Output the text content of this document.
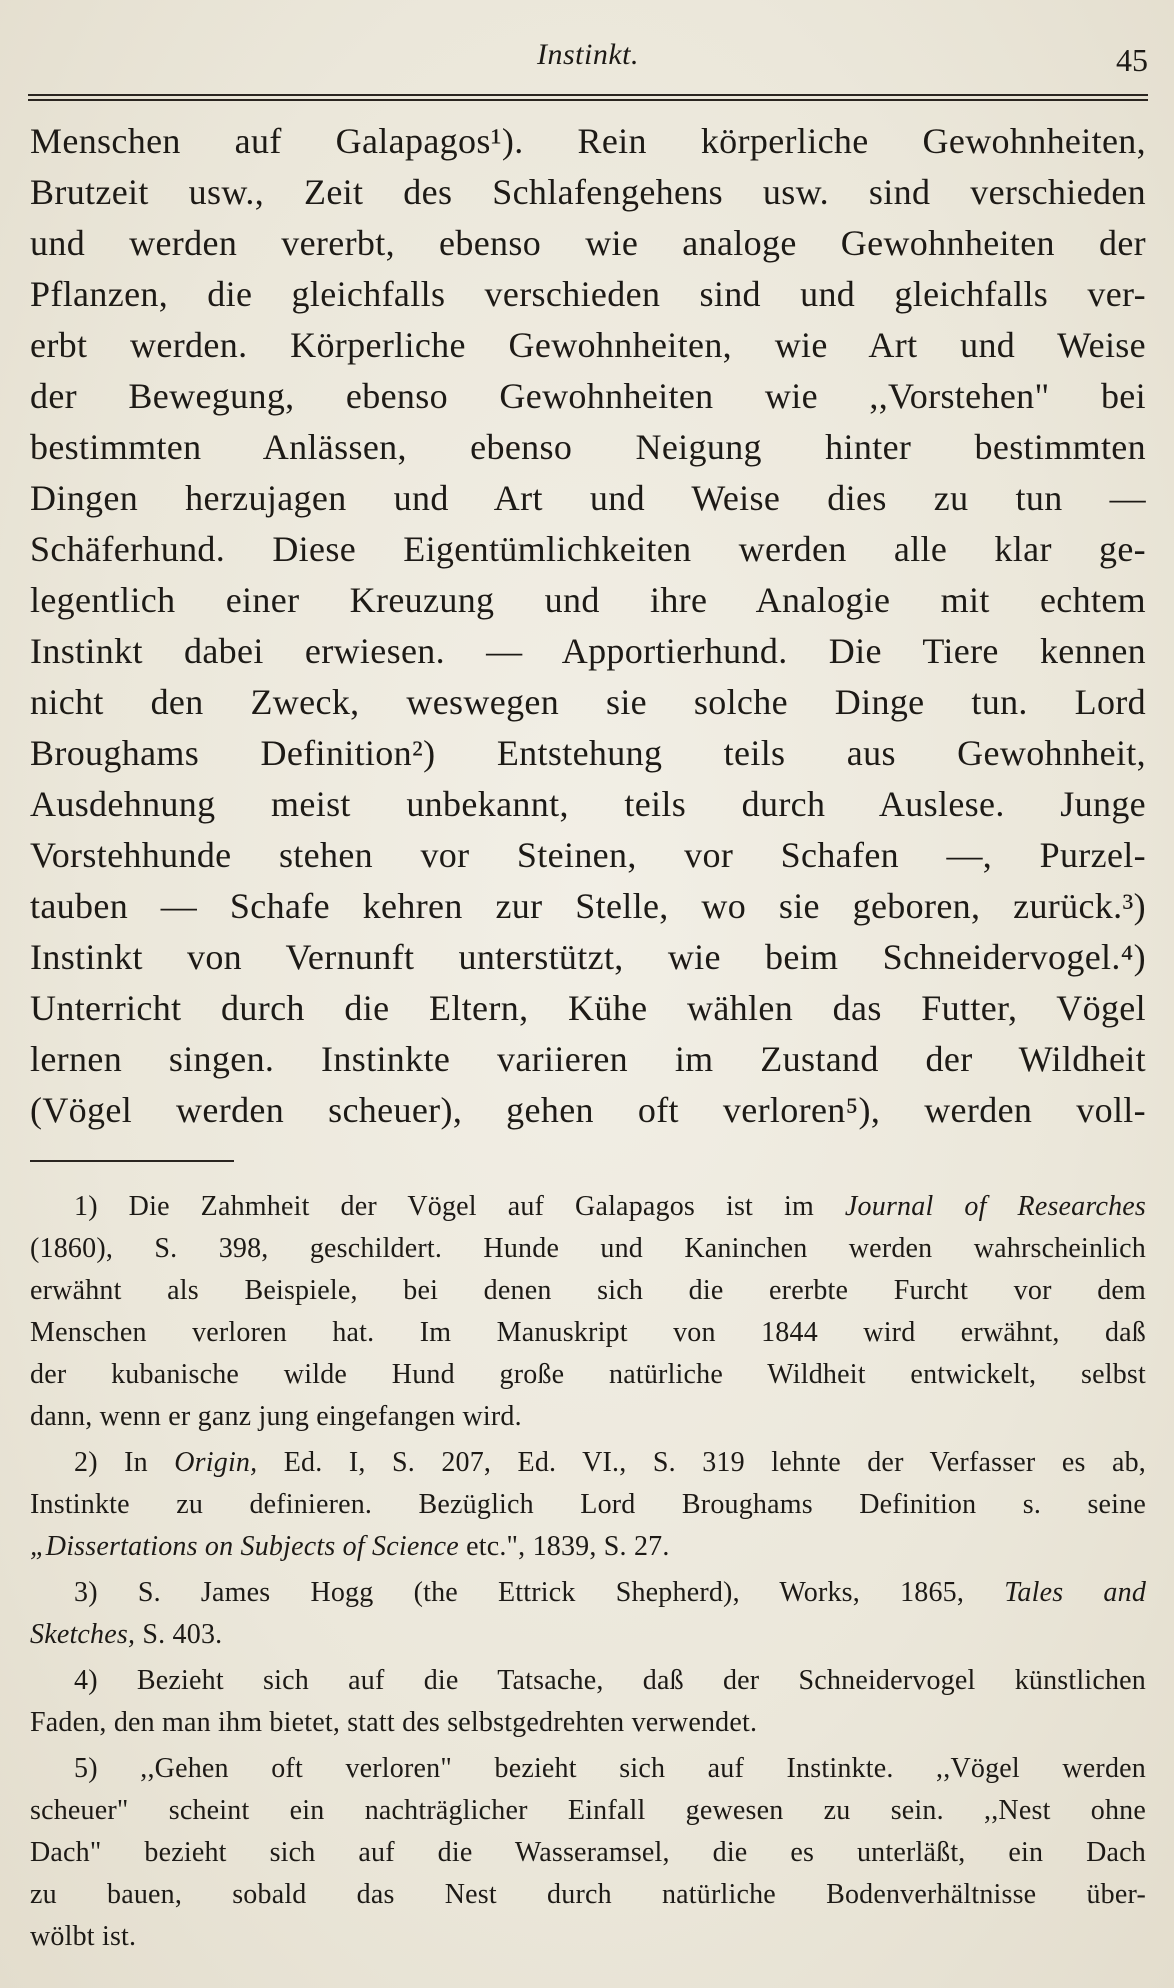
Instinkt.	45
Menschen auf Galapagos¹). Rein körperliche Gewohnheiten,
Brutzeit usw., Zeit des Schlafengehens usw. sind verschieden
und werden vererbt, ebenso wie analoge Gewohnheiten der
Pflanzen, die gleichfalls verschieden sind und gleichfalls ver-
erbt werden. Körperliche Gewohnheiten, wie Art und Weise
der Bewegung, ebenso Gewohnheiten wie ,,Vorstehen" bei
bestimmten Anlässen, ebenso Neigung hinter bestimmten
Dingen herzujagen und Art und Weise dies zu tun —
Schäferhund. Diese Eigentümlichkeiten werden alle klar ge-
legentlich einer Kreuzung und ihre Analogie mit echtem
Instinkt dabei erwiesen. — Apportierhund. Die Tiere kennen
nicht den Zweck, weswegen sie solche Dinge tun. Lord
Broughams Definition²) Entstehung teils aus Gewohnheit,
Ausdehnung meist unbekannt, teils durch Auslese. Junge
Vorstehhunde stehen vor Steinen, vor Schafen —, Purzel-
tauben — Schafe kehren zur Stelle, wo sie geboren, zurück.³)
Instinkt von Vernunft unterstützt, wie beim Schneidervogel.⁴)
Unterricht durch die Eltern, Kühe wählen das Futter, Vögel
lernen singen. Instinkte variieren im Zustand der Wildheit
(Vögel werden scheuer), gehen oft verloren⁵), werden voll-
1) Die Zahmheit der Vögel auf Galapagos ist im Journal of Researches
(1860), S. 398, geschildert. Hunde und Kaninchen werden wahrscheinlich
erwähnt als Beispiele, bei denen sich die ererbte Furcht vor dem
Menschen verloren hat. Im Manuskript von 1844 wird erwähnt, daß
der kubanische wilde Hund große natürliche Wildheit entwickelt, selbst
dann, wenn er ganz jung eingefangen wird.
2) In Origin, Ed. I, S. 207, Ed. VI., S. 319 lehnte der Verfasser es ab,
Instinkte zu definieren. Bezüglich Lord Broughams Definition s. seine
„Dissertations on Subjects of Science etc.", 1839, S. 27.
3) S. James Hogg (the Ettrick Shepherd), Works, 1865, Tales and
Sketches, S. 403.
4) Bezieht sich auf die Tatsache, daß der Schneidervogel künstlichen
Faden, den man ihm bietet, statt des selbstgedrehten verwendet.
5) ,,Gehen oft verloren" bezieht sich auf Instinkte. ,,Vögel werden
scheuer" scheint ein nachträglicher Einfall gewesen zu sein. ,,Nest ohne
Dach" bezieht sich auf die Wasseramsel, die es unterläßt, ein Dach
zu bauen, sobald das Nest durch natürliche Bodenverhältnisse über-
wölbt ist.
